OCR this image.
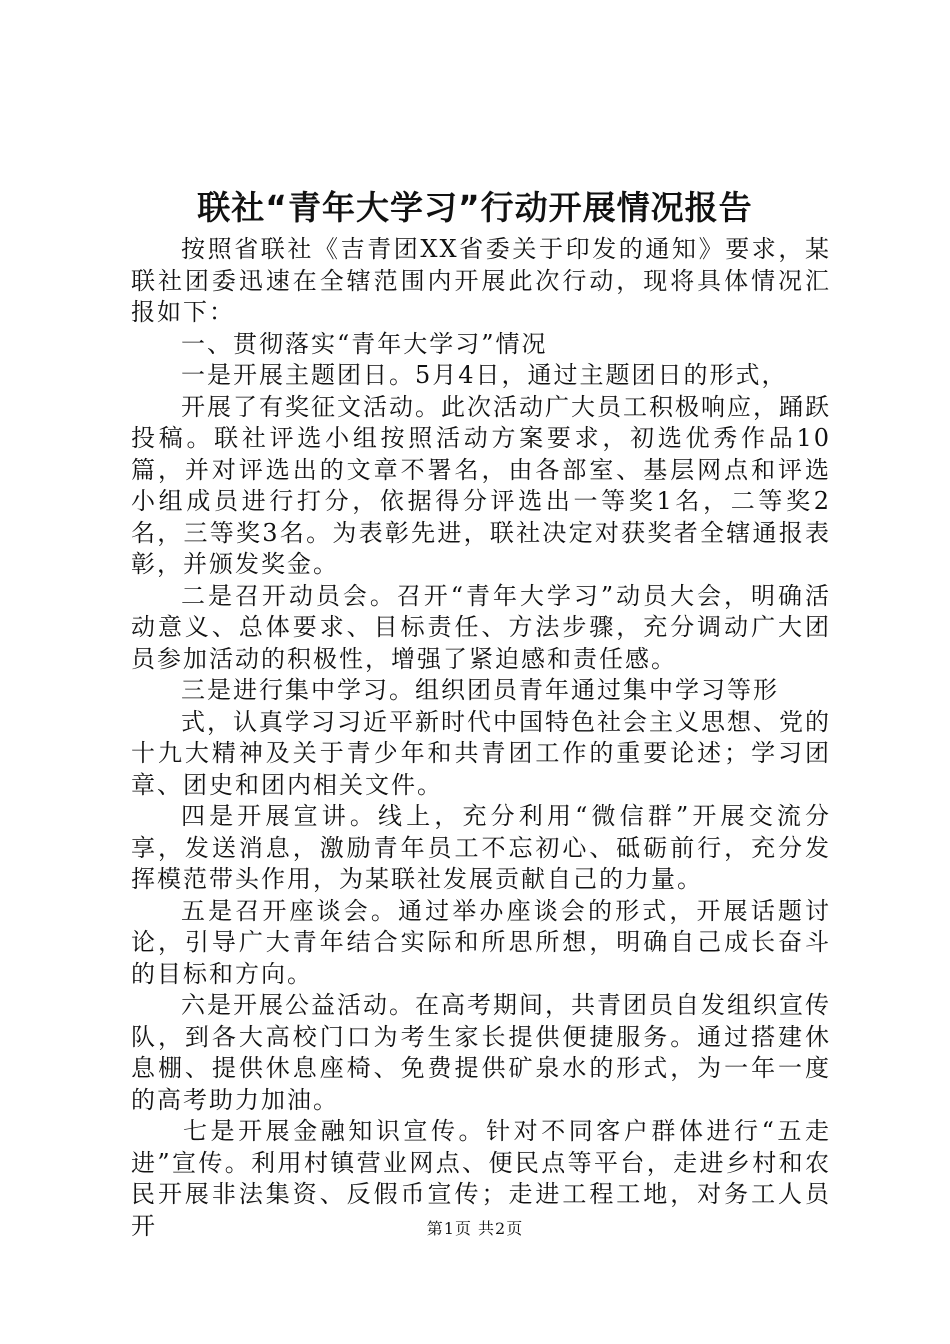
联社“青年大学习”行动开展情况报告

按照省联社《吉青团XX省委关于印发的通知》要求，某联社团委迅速在全辖范围内开展此次行动，现将具体情况汇报如下：

一、贯彻落实“青年大学习”情况

一是开展主题团日。5月4日，通过主题团日的形式，

开展了有奖征文活动。此次活动广大员工积极响应，踊跃投稿。联社评选小组按照活动方案要求，初选优秀作品10篇，并对评选出的文章不署名，由各部室、基层网点和评选小组成员进行打分，依据得分评选出一等奖1名，二等奖2名，三等奖3名。为表彰先进，联社决定对获奖者全辖通报表彰，并颁发奖金。

二是召开动员会。召开“青年大学习”动员大会，明确活动意义、总体要求、目标责任、方法步骤，充分调动广大团员参加活动的积极性，增强了紧迫感和责任感。

三是进行集中学习。组织团员青年通过集中学习等形

式，认真学习习近平新时代中国特色社会主义思想、党的十九大精神及关于青少年和共青团工作的重要论述；学习团章、团史和团内相关文件。

四是开展宣讲。线上，充分利用“微信群”开展交流分享，发送消息，激励青年员工不忘初心、砥砺前行，充分发挥模范带头作用，为某联社发展贡献自己的力量。

五是召开座谈会。通过举办座谈会的形式，开展话题讨论，引导广大青年结合实际和所思所想，明确自己成长奋斗的目标和方向。

六是开展公益活动。在高考期间，共青团员自发组织宣传队，到各大高校门口为考生家长提供便捷服务。通过搭建休息棚、提供休息座椅、免费提供矿泉水的形式，为一年一度的高考助力加油。

七是开展金融知识宣传。针对不同客户群体进行“五走进”宣传。利用村镇营业网点、便民点等平台，走进乡村和农民开展非法集资、反假币宣传；走进工程工地，对务工人员开	第1页 共2页
